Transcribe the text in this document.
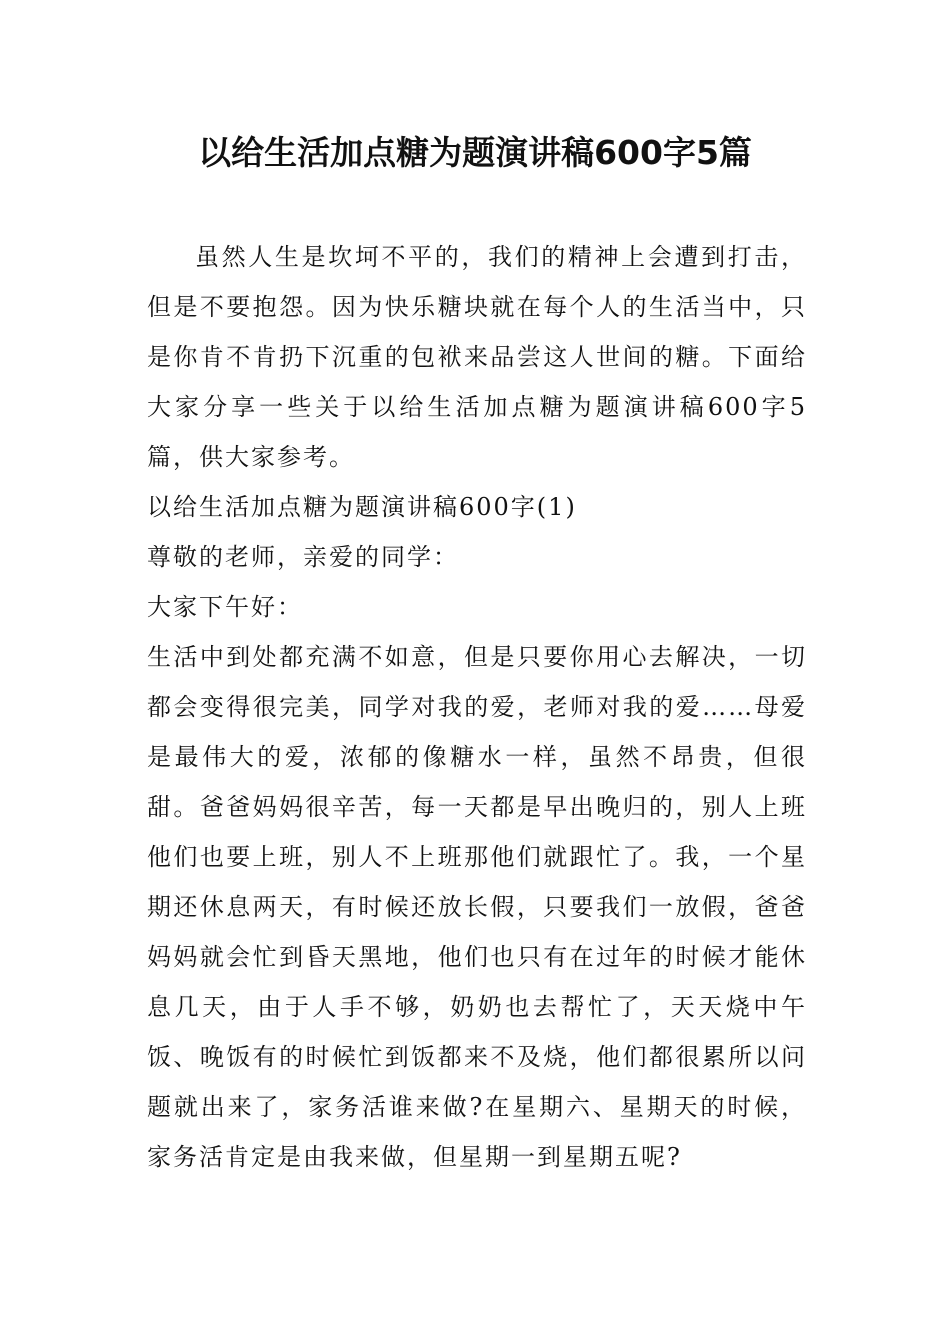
以给生活加点糖为题演讲稿600字5篇

虽然人生是坎坷不平的，我们的精神上会遭到打击，但是不要抱怨。因为快乐糖块就在每个人的生活当中，只是你肯不肯扔下沉重的包袱来品尝这人世间的糖。下面给大家分享一些关于以给生活加点糖为题演讲稿600字5篇，供大家参考。

以给生活加点糖为题演讲稿600字(1)

尊敬的老师，亲爱的同学：

大家下午好：

生活中到处都充满不如意，但是只要你用心去解决，一切都会变得很完美，同学对我的爱，老师对我的爱……母爱是最伟大的爱，浓郁的像糖水一样，虽然不昂贵，但很甜。爸爸妈妈很辛苦，每一天都是早出晚归的，别人上班他们也要上班，别人不上班那他们就跟忙了。我，一个星期还休息两天，有时候还放长假，只要我们一放假，爸爸妈妈就会忙到昏天黑地，他们也只有在过年的时候才能休息几天，由于人手不够，奶奶也去帮忙了，天天烧中午饭、晚饭有的时候忙到饭都来不及烧，他们都很累所以问题就出来了，家务活谁来做?在星期六、星期天的时候，家务活肯定是由我来做，但星期一到星期五呢?
